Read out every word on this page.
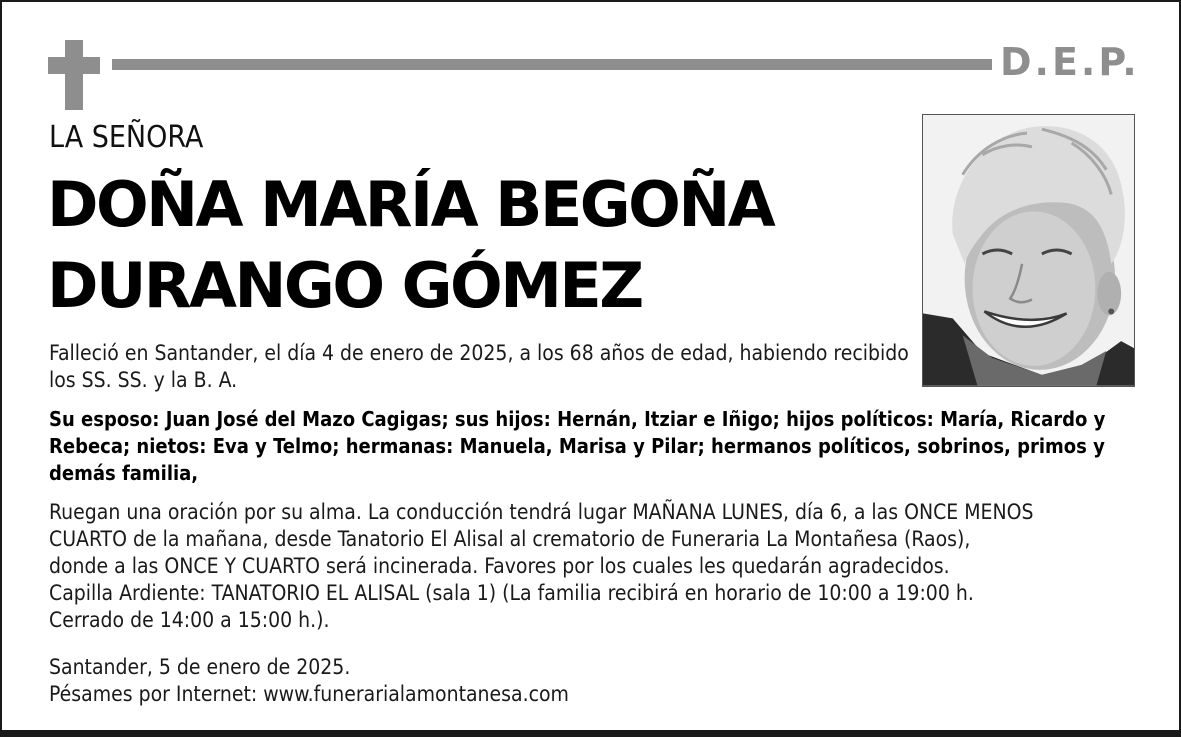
D.E.P.
LA SEÑORA
DOÑA MARÍA BEGOÑA
DURANGO GÓMEZ
Falleció en Santander, el día 4 de enero de 2025, a los 68 años de edad, habiendo recibido los SS. SS. y la B. A.
Su esposo: Juan José del Mazo Cagigas; sus hijos: Hernán, Itziar e Iñigo; hijos políticos: María, Ricardo y Rebeca; nietos: Eva y Telmo; hermanas: Manuela, Marisa y Pilar; hermanos políticos, sobrinos, primos y demás familia,
Ruegan una oración por su alma. La conducción tendrá lugar MAÑANA LUNES, día 6, a las ONCE MENOS
CUARTO de la mañana, desde Tanatorio El Alisal al crematorio de Funeraria La Montañesa (Raos),
donde a las ONCE Y CUARTO será incinerada. Favores por los cuales les quedarán agradecidos.
Capilla Ardiente: TANATORIO EL ALISAL (sala 1) (La familia recibirá en horario de 10:00 a 19:00 h.
Cerrado de 14:00 a 15:00 h.).
Santander, 5 de enero de 2025.
Pésames por Internet: www.funerarialamontanesa.com
